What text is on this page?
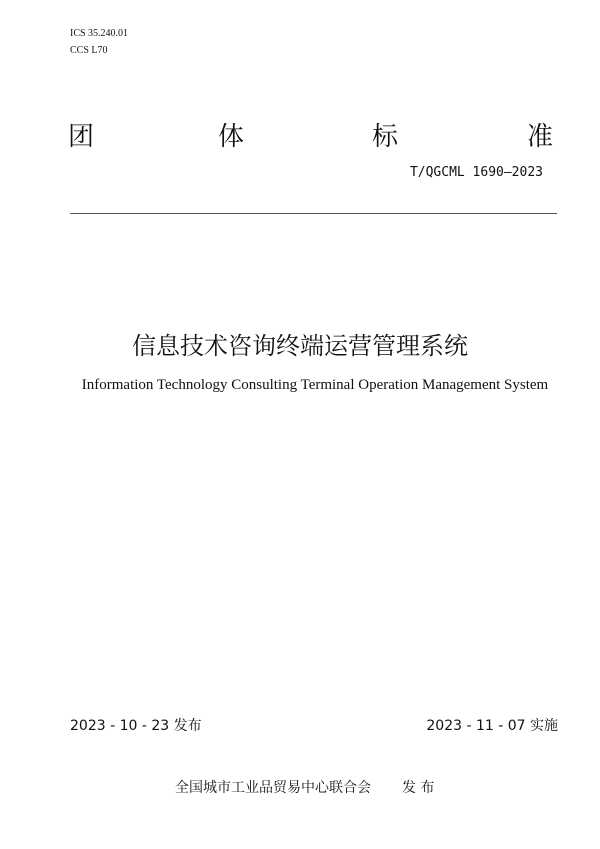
ICS 35.240.01
CCS L70
团	体	标	准
T/QGCML 1690—2023
信息技术咨询终端运营管理系统
Information Technology Consulting Terminal Operation Management System
2023 - 10 - 23 发布	2023 - 11 - 07 实施
全国城市工业品贸易中心联合会 发 布
